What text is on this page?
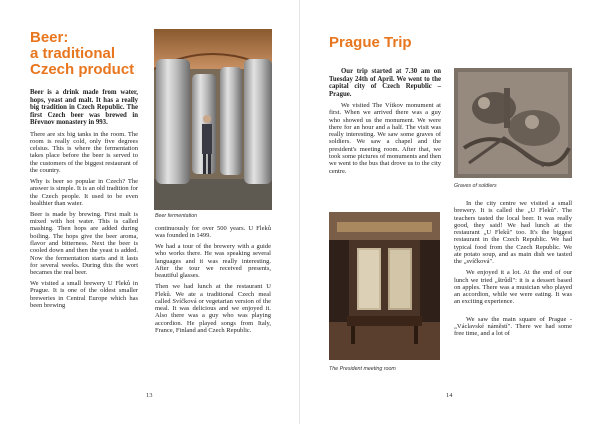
Beer:
a traditional
Czech product

Beer is a drink made from water, hops, yeast and malt. It has a really big tradition in Czech Republic. The first Czech beer was brewed in Břevnov monastery in 993.

There are six big tanks in the room. The room is really cold, only five degrees celsius. This is where the fermentation takes place before the beer is served to the customers of the biggest restaurant of the country.

Why is beer so popular in Czech? The answer is simple. It is an old tradition for the Czech people. It used to be even healthier than water.

Beer is made by brewing. First malt is mixed with hot water. This is called mashing. Then hops are added during boiling. The hops give the beer aroma, flavor and bitterness. Next the beer is cooled down and then the yeast is added. Now the fermentation starts and it lasts for several weeks. During this the wort becames the real beer.

We visited a small brewery U Fleků in Prague. It is one of the oldest smaller breweries in Central Europe which has been brewing

Beer fermentation

continuously for over 500 years. U Fleků was founded in 1499.

We had a tour of the brewery with a guide who works there. He was speaking several languages and it was really interesting. After the tour we received presents, beautiful glasses.

Then we had lunch at the restaurant U Fleků. We ate a traditional Czech meal called Svíčková or vegetarian version of the meal. It was delicious and we enjoyed it. Also there was a guy who was playing accordion. He played songs from Italy, France, Finland and Czech Republic.

13
Prague Trip

Our trip started at 7.30 am on Tuesday 24th of April. We went to the capital city of Czech Republic – Prague.

We visited The Vítkov monument at first. When we arrived there was a guy who showed us the monument. We were there for an hour and a half. The visit was really interesting. We saw some graves of soldiers. We saw a chapel and the president's meeting room. After that, we took some pictures of monuments and then we went to the bus that drove us to the city centre.

The President meeting room
Graves of soldiers

In the city centre we visited a small brewery. It is called the „U Fleků". The teachers tasted the local beer. It was really good, they said! We had lunch at the restaurant „U Fleků" too. It's the biggest restaurant in the Czech Republic. We had typical food from the Czech Republic. We ate potato soup, and as main dish we tasted the „svíčková".

We enjoyed it a lot. At the end of our lunch we tried „štrůdl": it is a dessert based on apples. There was a musician who played an accordion, while we were eating. It was an exciting experience.

We saw the main square of Prague - „Václavské náměstí". There we had some free time, and a lot of

14
